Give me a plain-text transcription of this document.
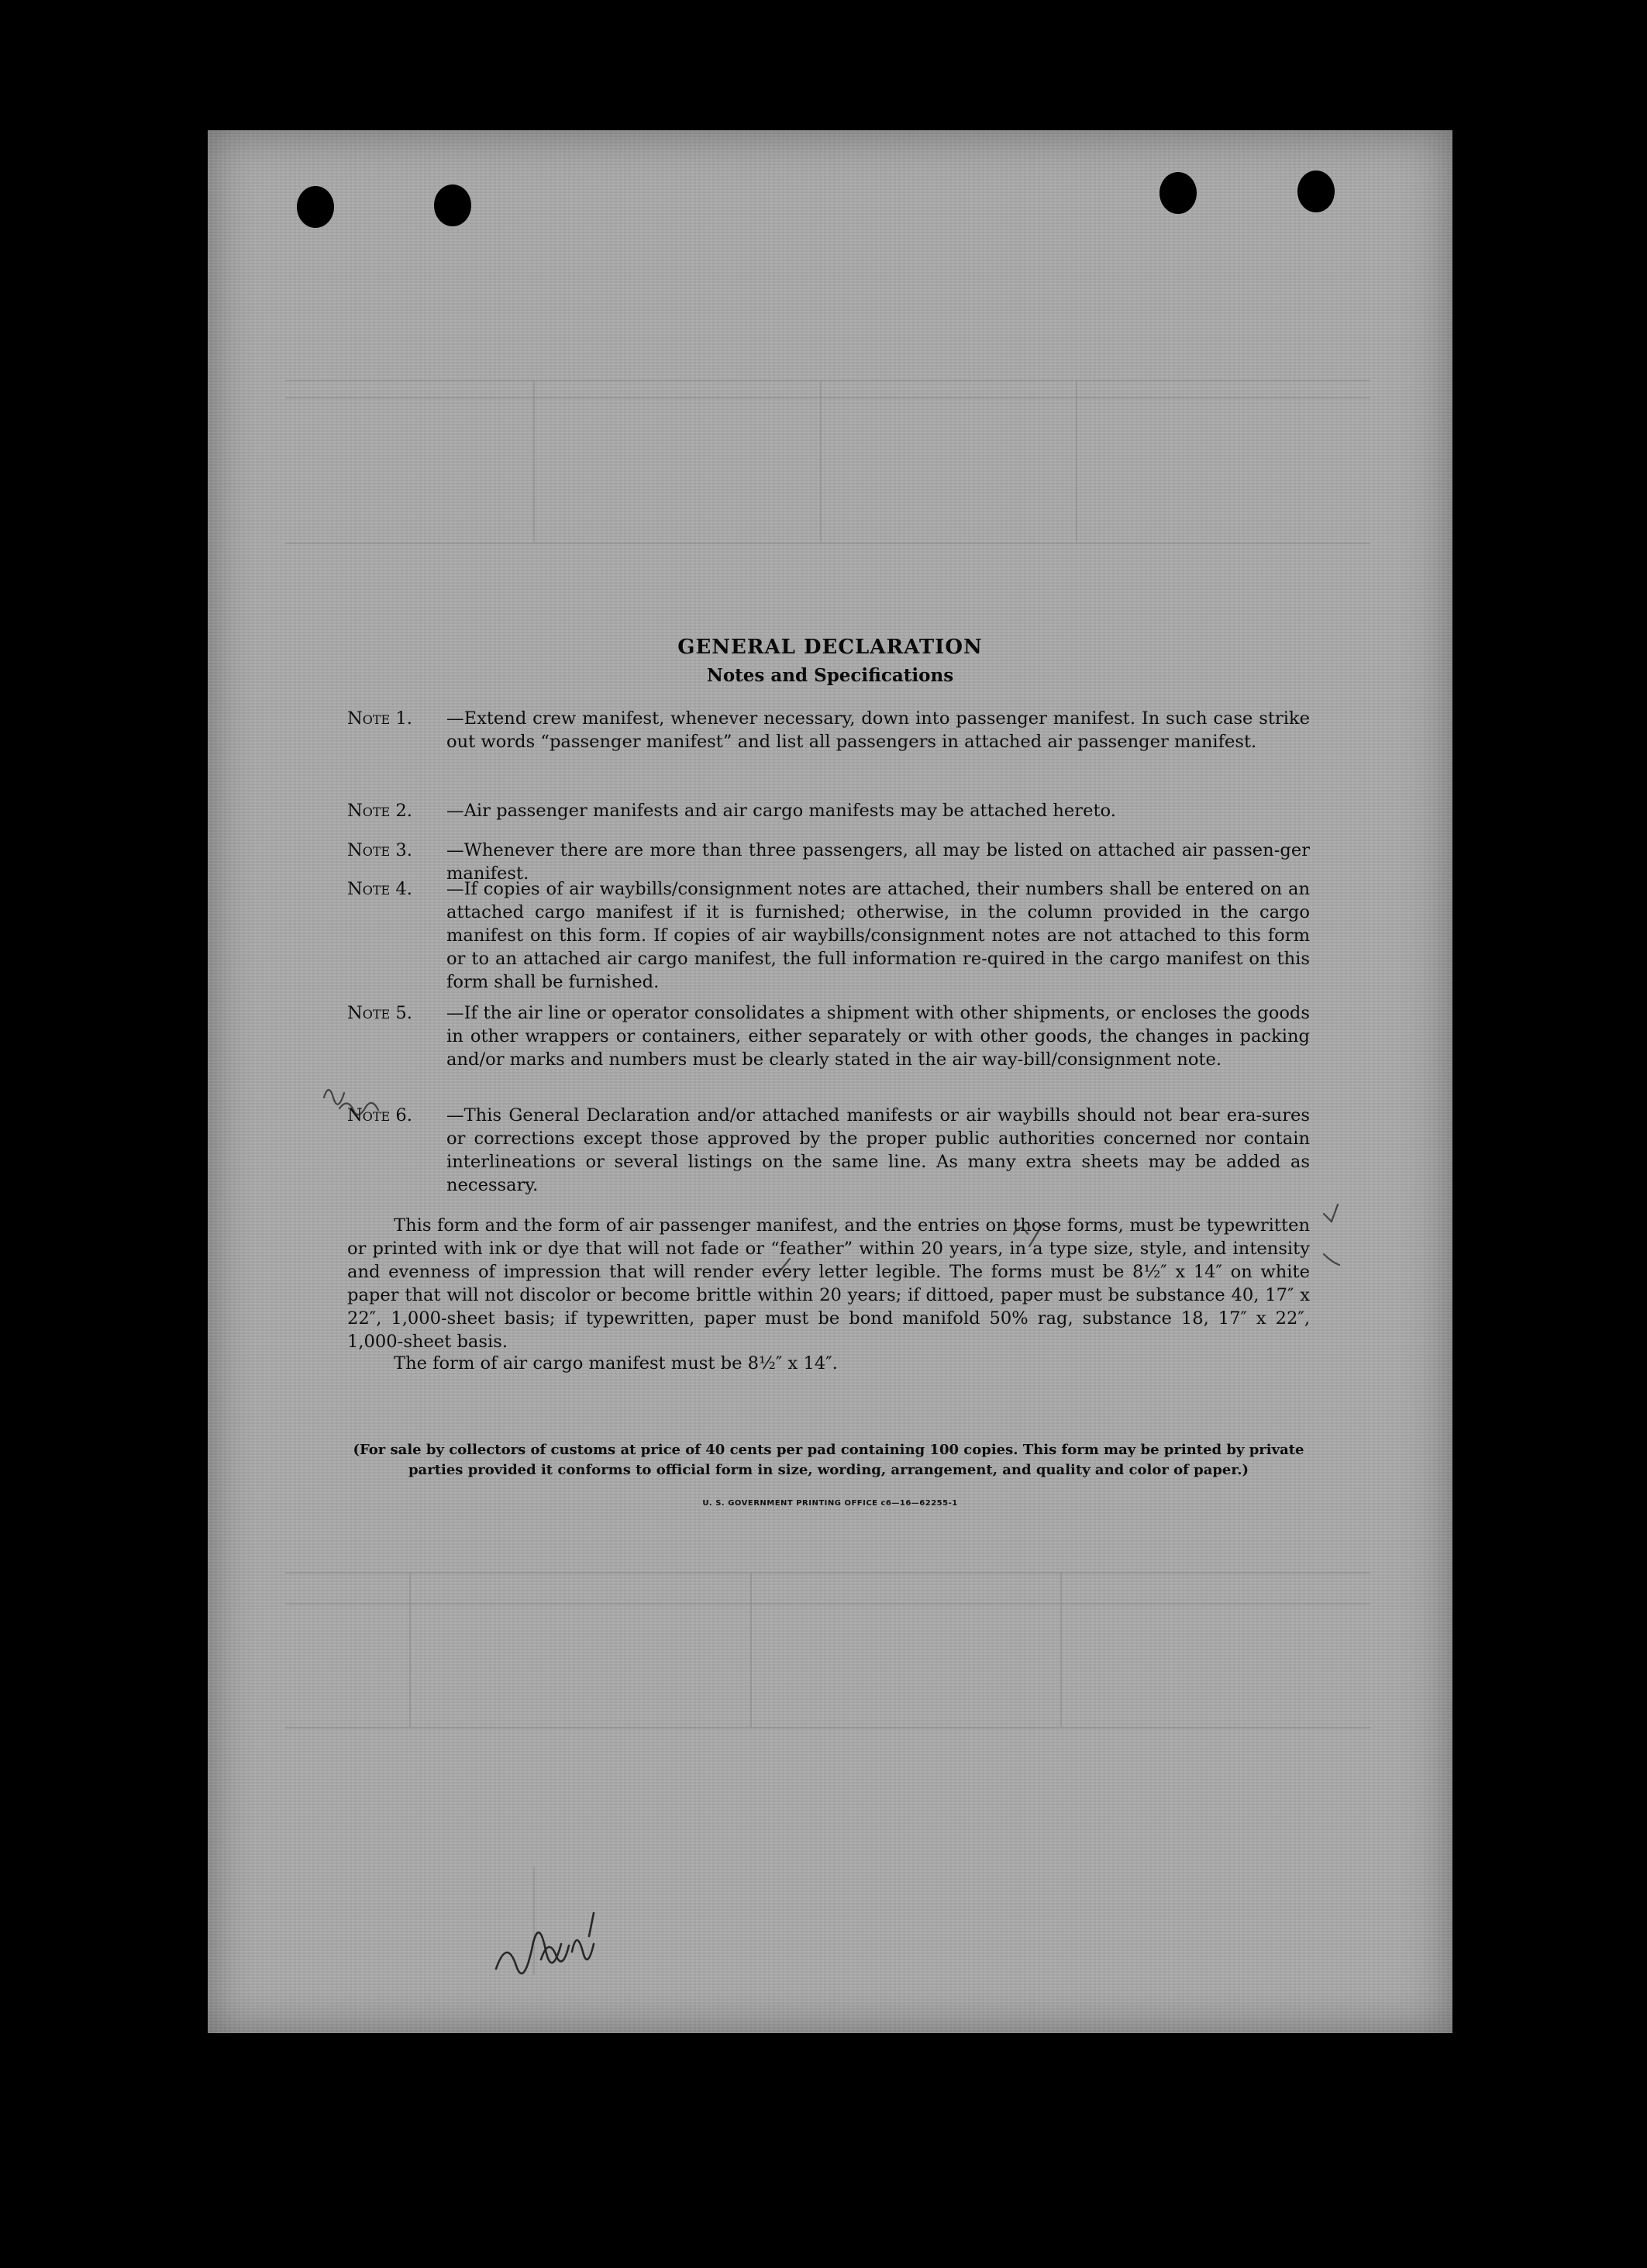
GENERAL DECLARATION
Notes and Specifications
Note 1.	—Extend crew manifest, whenever necessary, down into passenger manifest. In such case strike out words “passenger manifest” and list all passengers in attached air passenger manifest.
Note 2.	—Air passenger manifests and air cargo manifests may be attached hereto.
Note 3.	—Whenever there are more than three passengers, all may be listed on attached air passen-ger manifest.
Note 4.	—If copies of air waybills/consignment notes are attached, their numbers shall be entered on an attached cargo manifest if it is furnished; otherwise, in the column provided in the cargo manifest on this form. If copies of air waybills/consignment notes are not attached to this form or to an attached air cargo manifest, the full information re-quired in the cargo manifest on this form shall be furnished.
Note 5.	—If the air line or operator consolidates a shipment with other shipments, or encloses the goods in other wrappers or containers, either separately or with other goods, the changes in packing and/or marks and numbers must be clearly stated in the air way-bill/consignment note.
Note 6.	—This General Declaration and/or attached manifests or air waybills should not bear era-sures or corrections except those approved by the proper public authorities concerned nor contain interlineations or several listings on the same line. As many extra sheets may be added as necessary.
This form and the form of air passenger manifest, and the entries on those forms, must be typewritten or printed with ink or dye that will not fade or “feather” within 20 years, in a type size, style, and intensity and evenness of impression that will render every letter legible. The forms must be 8½″ x 14″ on white paper that will not discolor or become brittle within 20 years; if dittoed, paper must be substance 40, 17″ x 22″, 1,000-sheet basis; if typewritten, paper must be bond manifold 50% rag, substance 18, 17″ x 22″, 1,000-sheet basis.
The form of air cargo manifest must be 8½″ x 14″.
(For sale by collectors of customs at price of 40 cents per pad containing 100 copies. This form may be printed by private parties provided it conforms to official form in size, wording, arrangement, and quality and color of paper.)
U. S. GOVERNMENT PRINTING OFFICE c6—16—62255-1
